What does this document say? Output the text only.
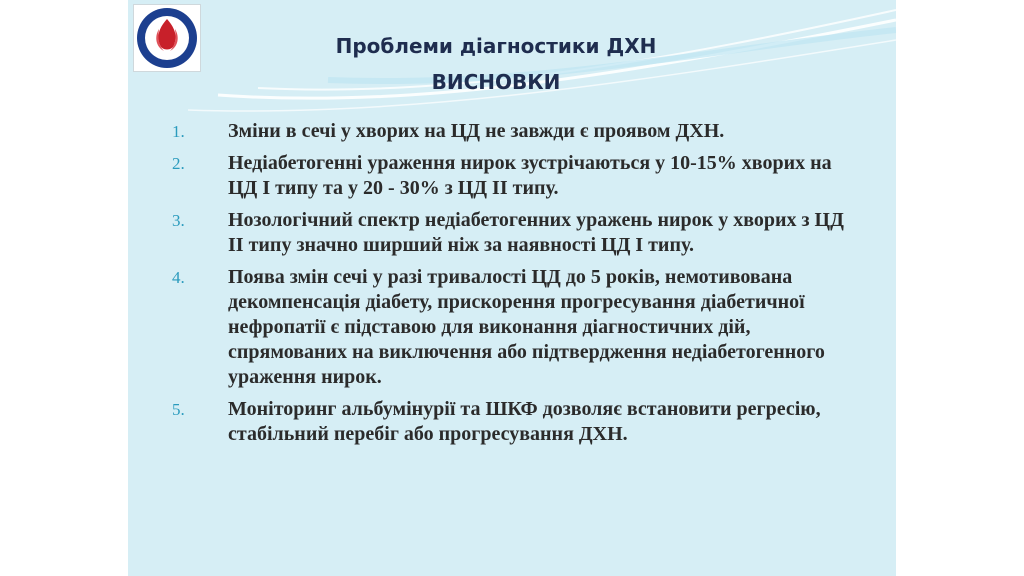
Проблеми діагностики ДХН
ВИСНОВКИ
1. Зміни в сечі у хворих на ЦД не завжди є проявом ДХН.
2. Недіабетогенні ураження нирок зустрічаються у 10-15% хворих на ЦД І типу та у 20 - 30% з ЦД ІІ типу.
3. Нозологічний спектр недіабетогенних уражень нирок у хворих з ЦД ІІ типу значно ширший ніж за наявності ЦД І типу.
4. Поява змін сечі у разі тривалості ЦД до 5 років, немотивована декомпенсація діабету, прискорення прогресування діабетичної нефропатії є підставою для виконання діагностичних дій, спрямованих на виключення або підтвердження недіабетогенного ураження нирок.
5. Моніторинг альбумінурії та ШКФ дозволяє встановити регресію, стабільний перебіг або прогресування ДХН.
